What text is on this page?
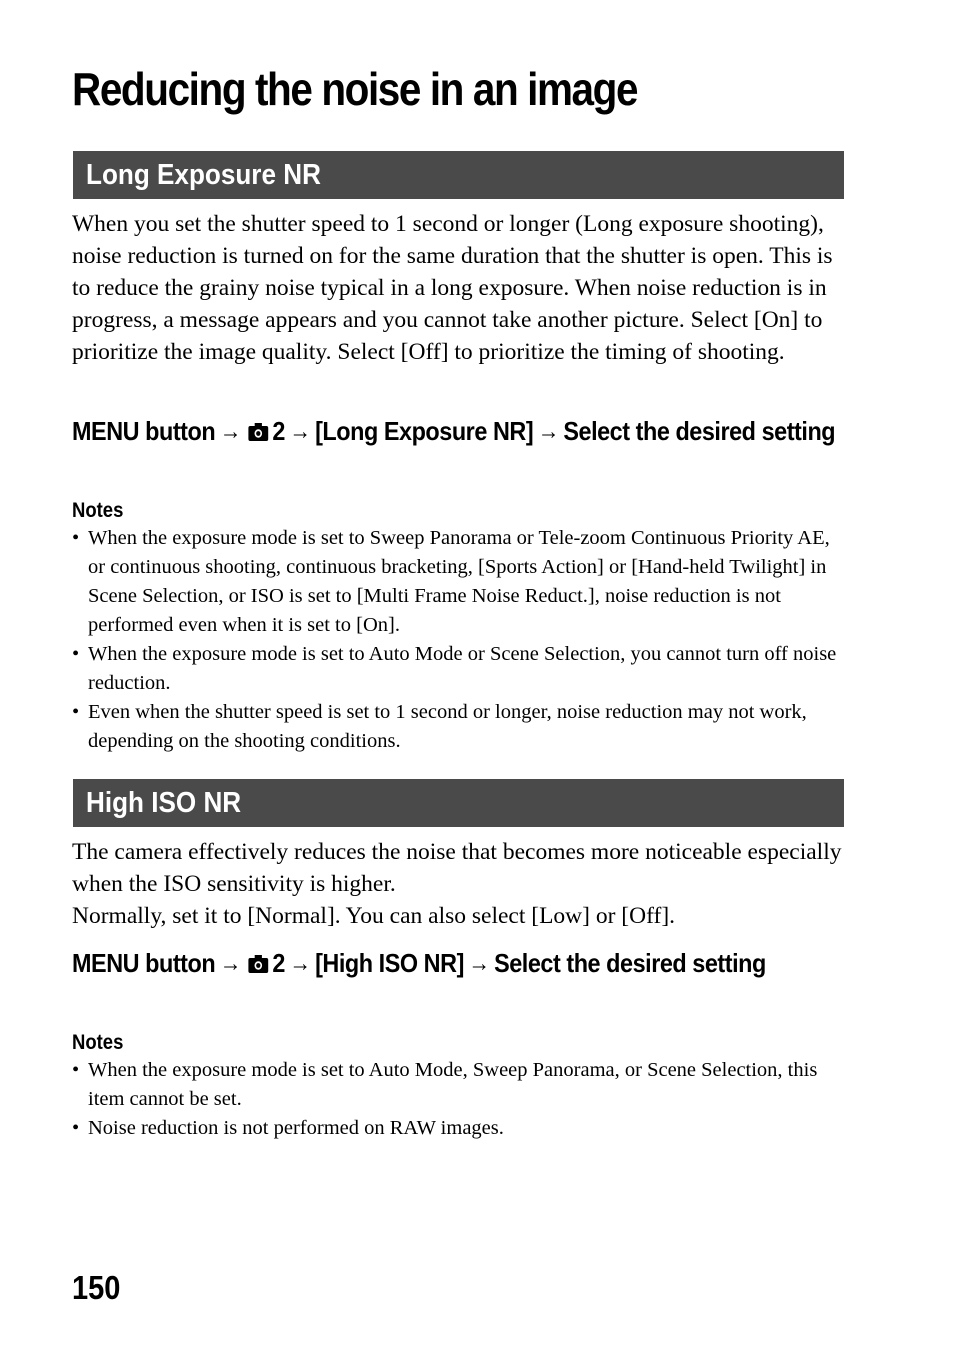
Reducing the noise in an image
Long Exposure NR

When you set the shutter speed to 1 second or longer (Long exposure shooting), noise reduction is turned on for the same duration that the shutter is open. This is to reduce the grainy noise typical in a long exposure. When noise reduction is in progress, a message appears and you cannot take another picture. Select [On] to prioritize the image quality. Select [Off] to prioritize the timing of shooting.

MENU button → 2 → [Long Exposure NR] → Select the desired setting
Notes
• When the exposure mode is set to Sweep Panorama or Tele-zoom Continuous Priority AE, or continuous shooting, continuous bracketing, [Sports Action] or [Hand-held Twilight] in Scene Selection, or ISO is set to [Multi Frame Noise Reduct.], noise reduction is not performed even when it is set to [On].
• When the exposure mode is set to Auto Mode or Scene Selection, you cannot turn off noise reduction.
• Even when the shutter speed is set to 1 second or longer, noise reduction may not work, depending on the shooting conditions.
High ISO NR

The camera effectively reduces the noise that becomes more noticeable especially when the ISO sensitivity is higher.
Normally, set it to [Normal]. You can also select [Low] or [Off].

MENU button → 2 → [High ISO NR] → Select the desired setting
Notes
• When the exposure mode is set to Auto Mode, Sweep Panorama, or Scene Selection, this item cannot be set.
• Noise reduction is not performed on RAW images.
150
